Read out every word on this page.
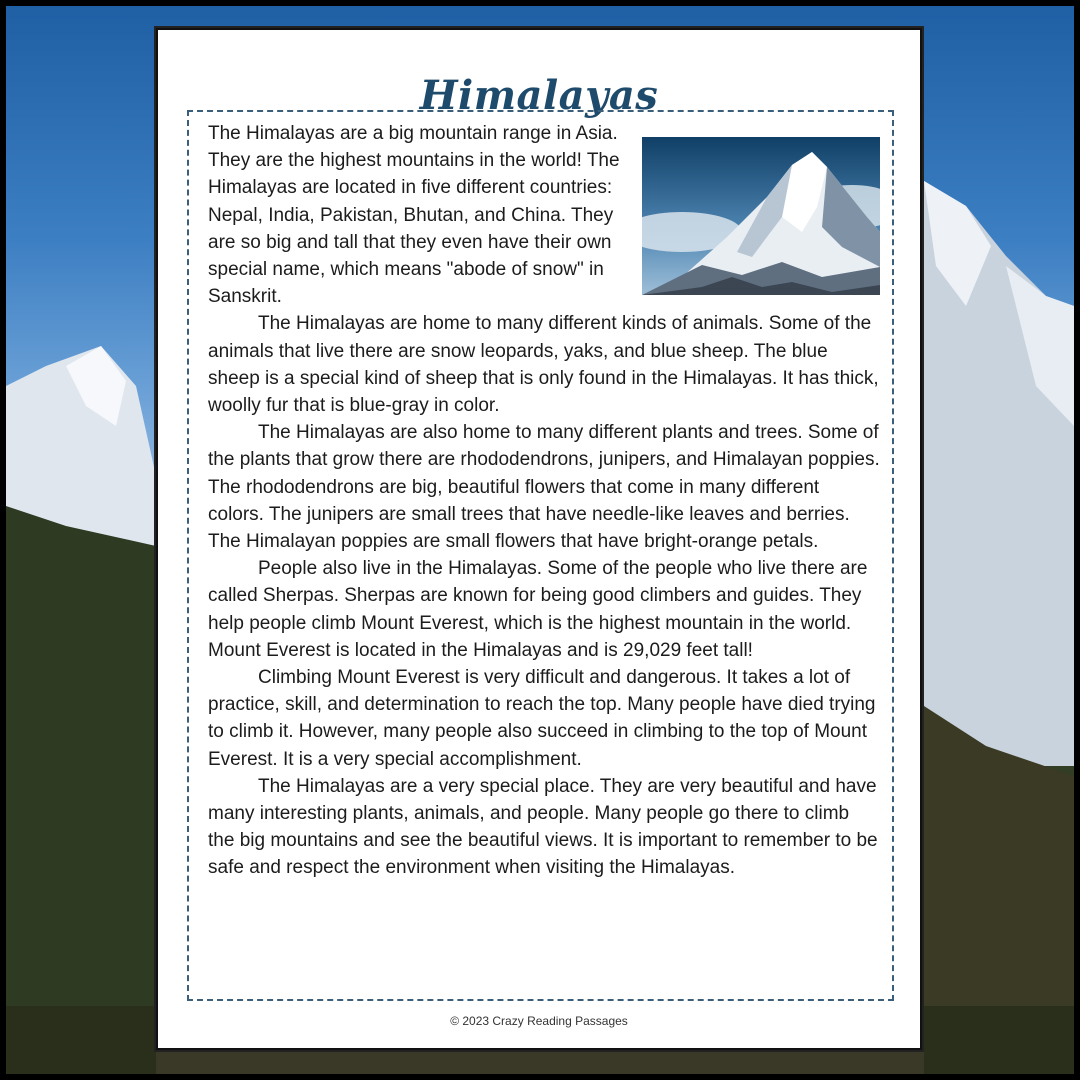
Himalayas

The Himalayas are a big mountain range in Asia. They are the highest mountains in the world! The Himalayas are located in five different countries: Nepal, India, Pakistan, Bhutan, and China. They are so big and tall that they even have their own special name, which means "abode of snow" in Sanskrit.

The Himalayas are home to many different kinds of animals. Some of the animals that live there are snow leopards, yaks, and blue sheep. The blue sheep is a special kind of sheep that is only found in the Himalayas. It has thick, woolly fur that is blue-gray in color.

The Himalayas are also home to many different plants and trees. Some of the plants that grow there are rhododendrons, junipers, and Himalayan poppies. The rhododendrons are big, beautiful flowers that come in many different colors. The junipers are small trees that have needle-like leaves and berries. The Himalayan poppies are small flowers that have bright-orange petals.

People also live in the Himalayas. Some of the people who live there are called Sherpas. Sherpas are known for being good climbers and guides. They help people climb Mount Everest, which is the highest mountain in the world. Mount Everest is located in the Himalayas and is 29,029 feet tall!

Climbing Mount Everest is very difficult and dangerous. It takes a lot of practice, skill, and determination to reach the top. Many people have died trying to climb it. However, many people also succeed in climbing to the top of Mount Everest. It is a very special accomplishment.

The Himalayas are a very special place. They are very beautiful and have many interesting plants, animals, and people. Many people go there to climb the big mountains and see the beautiful views. It is important to remember to be safe and respect the environment when visiting the Himalayas.

© 2023 Crazy Reading Passages
